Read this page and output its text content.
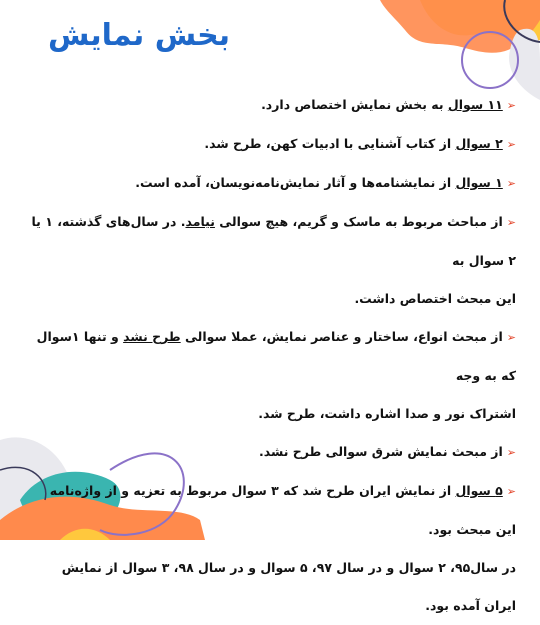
بخش نمایش

➢۱۱ سوال به بخش نمایش اختصاص دارد.

➢۲ سوال از کتاب آشنایی با ادبیات کهن، طرح شد.

➢۱ سوال از نمایشنامه‌ها و آثار نمایش‌نامه‌نویسان، آمده است.

➢از مباحث مربوط به ماسک و گریم، هیچ سوالی نیامد. در سال‌های گذشته، ۱ یا ۲ سوال به

این مبحث اختصاص داشت.

➢از مبحث انواع، ساختار و عناصر نمایش، عملا سوالی طرح نشد و تنها ۱سوال که به وجه

اشتراک نور و صدا اشاره داشت، طرح شد.

➢از مبحث نمایش شرق سوالی طرح نشد.

➢۵ سوال از نمایش ایران طرح شد که ۳ سوال مربوط به تعزیه و از واژه‌نامه این مبحث بود.

در سال۹۵، ۲ سوال و در سال ۹۷، ۵ سوال و در سال ۹۸، ۳ سوال از نمایش ایران آمده بود.
